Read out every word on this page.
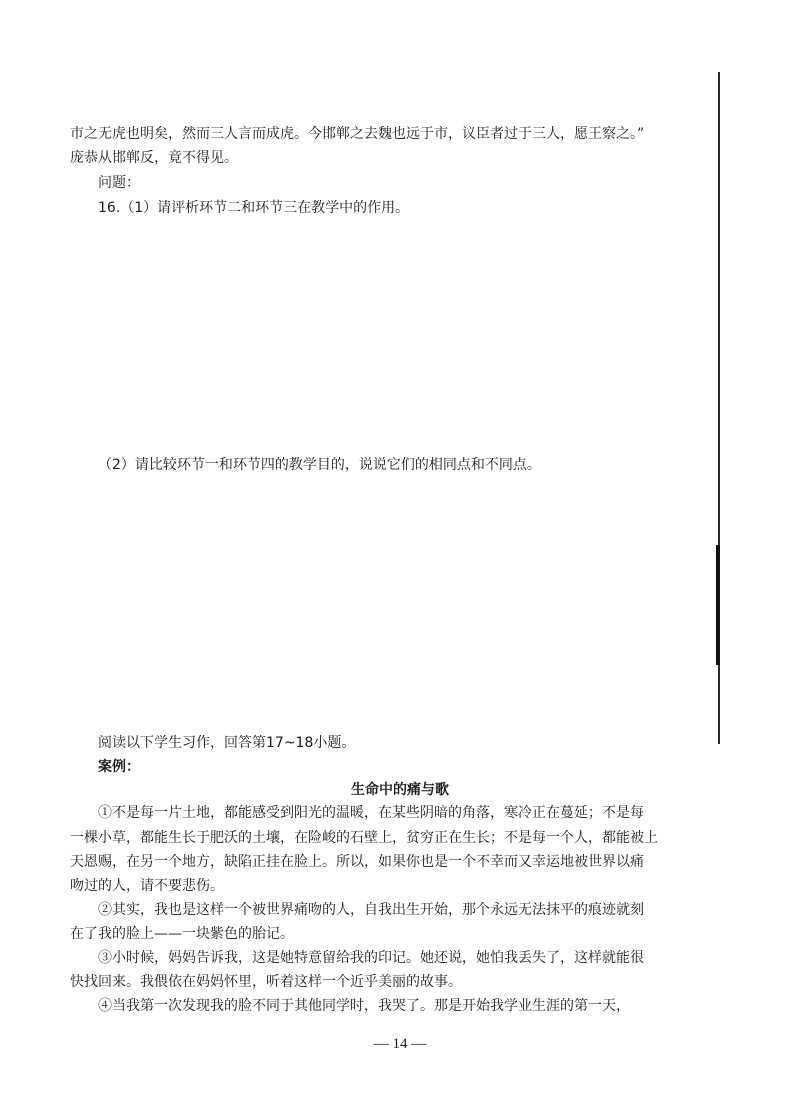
市之无虎也明矣，然而三人言而成虎。今邯郸之去魏也远于市，议臣者过于三人，愿王察之。”
庞恭从邯郸反，竟不得见。
问题：
16.（1）请评析环节二和环节三在教学中的作用。
（2）请比较环节一和环节四的教学目的，说说它们的相同点和不同点。
阅读以下学生习作，回答第17~18小题。
案例：
生命中的痛与歌
①不是每一片土地，都能感受到阳光的温暖，在某些阴暗的角落，寒冷正在蔓延；不是每
一棵小草，都能生长于肥沃的土壤，在险峻的石壁上，贫穷正在生长；不是每一个人，都能被上
天恩赐，在另一个地方，缺陷正挂在脸上。所以，如果你也是一个不幸而又幸运地被世界以痛
吻过的人，请不要悲伤。
②其实，我也是这样一个被世界痛吻的人，自我出生开始，那个永远无法抹平的痕迹就刻
在了我的脸上——一块紫色的胎记。
③小时候，妈妈告诉我，这是她特意留给我的印记。她还说，她怕我丢失了，这样就能很
快找回来。我偎依在妈妈怀里，听着这样一个近乎美丽的故事。
④当我第一次发现我的脸不同于其他同学时，我哭了。那是开始我学业生涯的第一天，
— 14 —
